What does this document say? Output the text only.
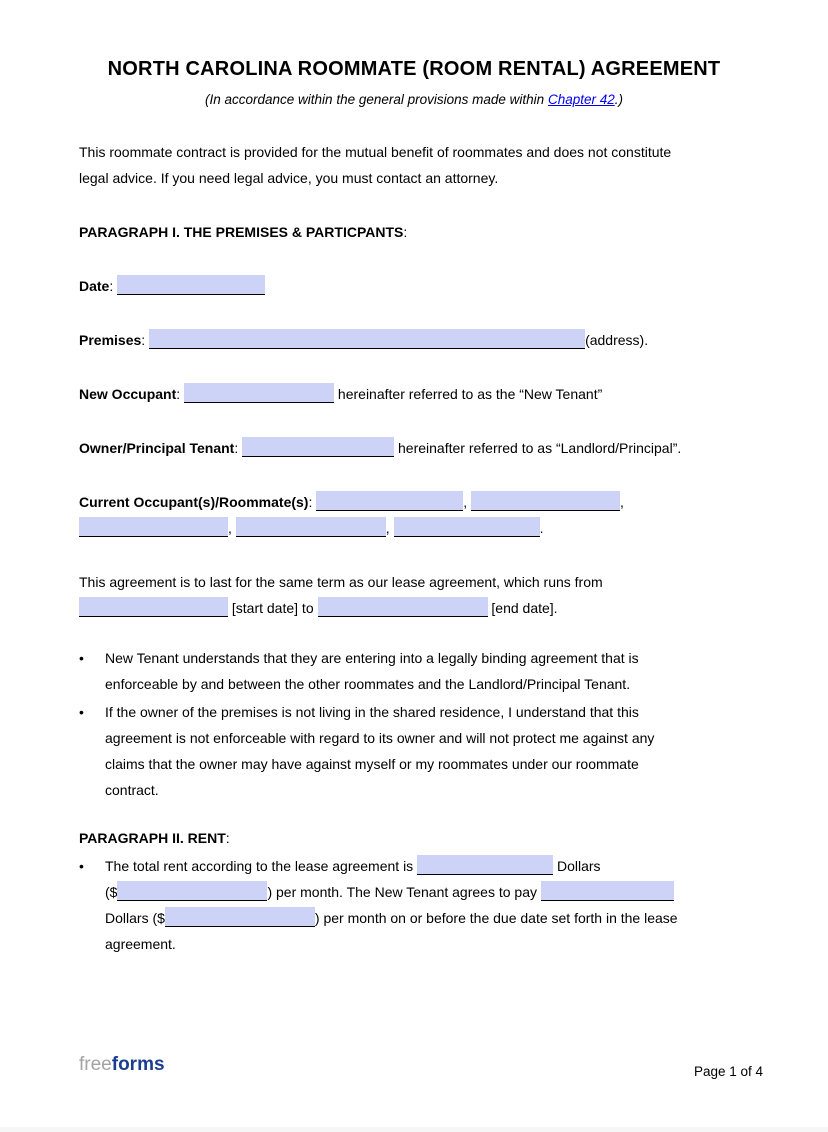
NORTH CAROLINA ROOMMATE (ROOM RENTAL) AGREEMENT
(In accordance within the general provisions made within Chapter 42.)
This roommate contract is provided for the mutual benefit of roommates and does not constitute
legal advice. If you need legal advice, you must contact an attorney.
PARAGRAPH I. THE PREMISES & PARTICPANTS:
Date:
Premises:	(address).
New Occupant:	hereinafter referred to as the “New Tenant”
Owner/Principal Tenant:	hereinafter referred to as “Landlord/Principal”.
Current Occupant(s)/Roommate(s):	,	, ,	,	.
This agreement is to last for the same term as our lease agreement, which runs from
[start date] to	[end date].
•	New Tenant understands that they are entering into a legally binding agreement that is
enforceable by and between the other roommates and the Landlord/Principal Tenant.
•	If the owner of the premises is not living in the shared residence, I understand that this
agreement is not enforceable with regard to its owner and will not protect me against any
claims that the owner may have against myself or my roommates under our roommate
contract.
PARAGRAPH II. RENT:
•	The total rent according to the lease agreement is	Dollars
($	) per month. The New Tenant agrees to pay
Dollars ($	) per month on or before the due date set forth in the lease
agreement.
freeforms	Page 1 of 4
